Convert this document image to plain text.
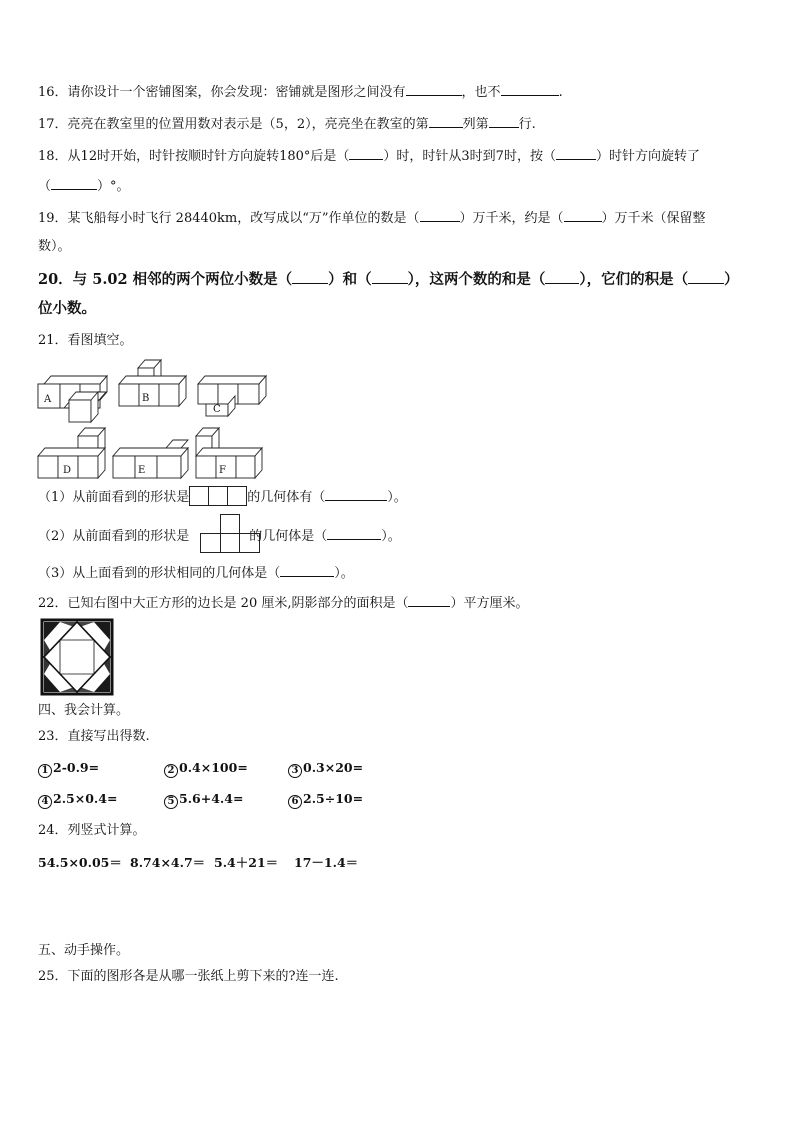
16．请你设计一个密铺图案，你会发现：密铺就是图形之间没有	，也不	.
17．亮亮在教室里的位置用数对表示是（5，2），亮亮坐在教室的第	列第 行.
18．从12时开始，时针按顺时针方向旋转180°后是（	）时，时针从3时到7时，按（	）时针方向旋转了
（	）°。
19．某飞船每小时飞行 28440km，改写成以“万”作单位的数是（	）万千米，约是（	）万千米（保留整
数）。
20．与 5.02 相邻的两个两位小数是（ ）和（ ），这两个数的和是（ ），它们的积是（ ）
位小数。
21．看图填空。
A	B
C
D	E	F
（1）从前面看到的形状是	的几何体有（	）。
（2）从前面看到的形状是	的几何体是（	）。
（3）从上面看到的形状相同的几何体是（	）。
22．已知右图中大正方形的边长是 20 厘米,阴影部分的面积是（	）平方厘米。
四、我会计算。
23．直接写出得数.
1 2-0.9=	2 0.4×100=	3 0.3×20=
4 2.5×0.4=	5 5.6+4.4=	6 2.5÷10=
24．列竖式计算。
54.5×0.05＝ 8.74×4.7＝ 5.4＋21＝ 17－1.4＝
五、动手操作。
25．下面的图形各是从哪一张纸上剪下来的?连一连.
